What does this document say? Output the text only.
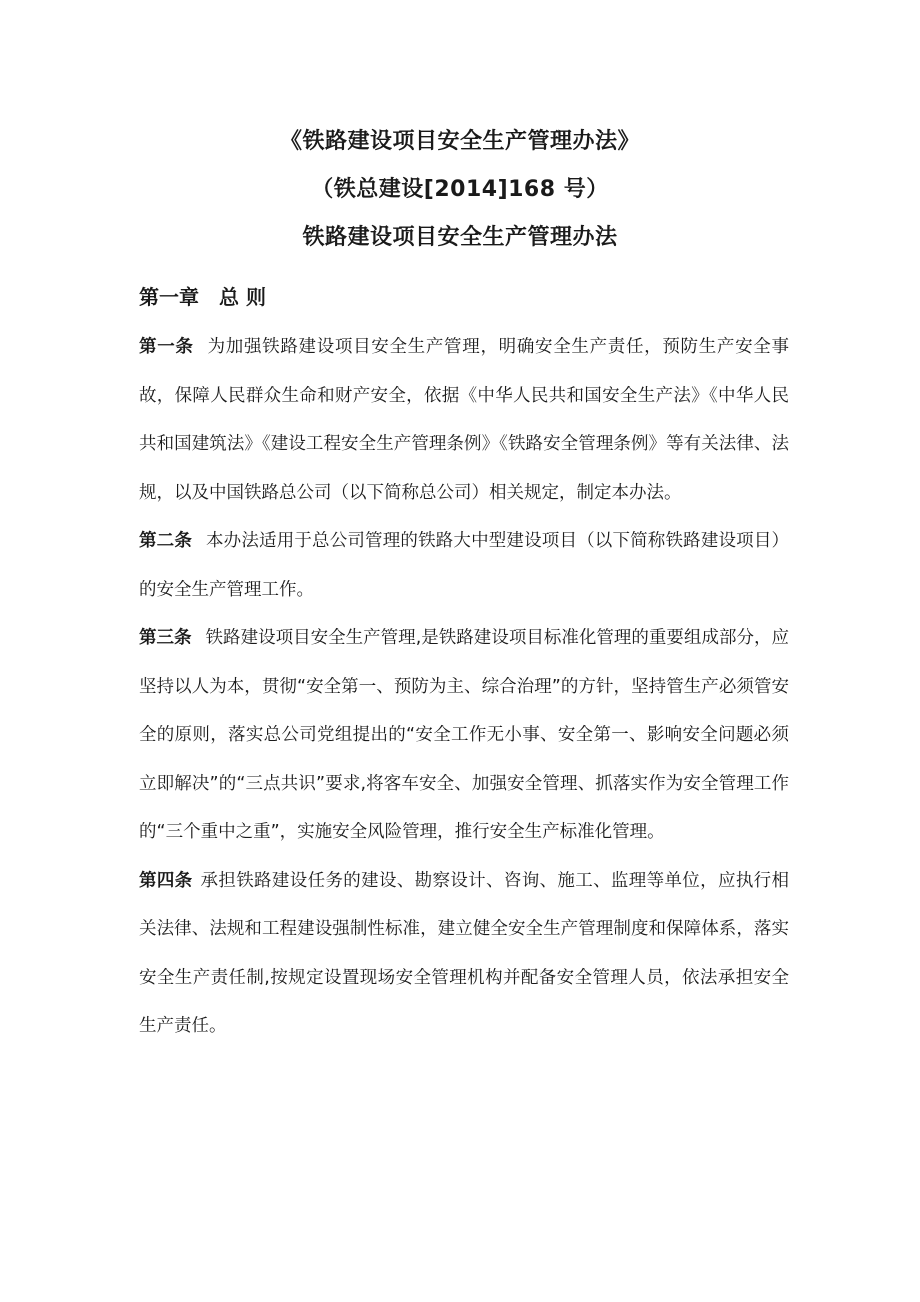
《铁路建设项目安全生产管理办法》
（铁总建设[2014]168 号）
铁路建设项目安全生产管理办法
第一章 总 则

第一条 为加强铁路建设项目安全生产管理，明确安全生产责任，预防生产安全事故，保障人民群众生命和财产安全，依据《中华人民共和国安全生产法》《中华人民共和国建筑法》《建设工程安全生产管理条例》《铁路安全管理条例》等有关法律、法规，以及中国铁路总公司（以下简称总公司）相关规定，制定本办法。

第二条 本办法适用于总公司管理的铁路大中型建设项目（以下简称铁路建设项目）的安全生产管理工作。

第三条 铁路建设项目安全生产管理,是铁路建设项目标准化管理的重要组成部分，应坚持以人为本，贯彻“安全第一、预防为主、综合治理”的方针，坚持管生产必须管安全的原则，落实总公司党组提出的“安全工作无小事、安全第一、影响安全问题必须立即解决”的“三点共识”要求,将客车安全、加强安全管理、抓落实作为安全管理工作的“三个重中之重”，实施安全风险管理，推行安全生产标准化管理。

第四条 承担铁路建设任务的建设、勘察设计、咨询、施工、监理等单位，应执行相关法律、法规和工程建设强制性标准，建立健全安全生产管理制度和保障体系，落实安全生产责任制,按规定设置现场安全管理机构并配备安全管理人员，依法承担安全生产责任。
